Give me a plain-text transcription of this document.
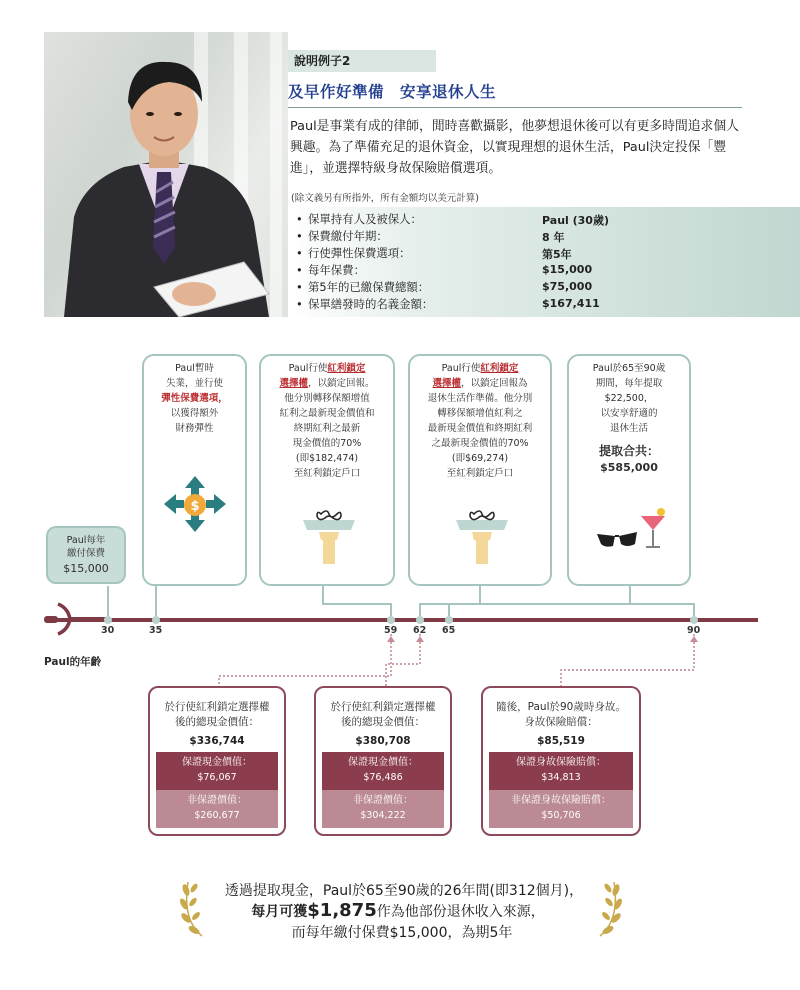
說明例子2
及早作好準備　安享退休人生
Paul是事業有成的律師，閒時喜歡攝影，他夢想退休後可以有更多時間追求個人興趣。為了準備充足的退休資金，以實現理想的退休生活，Paul決定投保「豐進」，並選擇特級身故保險賠償選項。
(除文義另有所指外，所有金額均以美元計算)
• 保單持有人及被保人：	Paul (30歲)
• 保費繳付年期：	8 年
• 行使彈性保費選項：	第5年
• 每年保費：	$15,000
• 第5年的已繳保費總額：	$75,000
• 保單繕發時的名義金額：	$167,411
Paul每年
繳付保費
$15,000
Paul暫時
失業，並行使
彈性保費選項，
以獲得額外
財務彈性
$
Paul行使紅利鎖定
選擇權，以鎖定回報。
他分別轉移保額增值
紅利之最新現金價值和
終期紅利之最新
現金價值的70%
(即$182,474)
至紅利鎖定戶口
Paul行使紅利鎖定
選擇權，以鎖定回報為
退休生活作準備。他分別
轉移保額增值紅利之
最新現金價值和終期紅利
之最新現金價值的70%
(即$69,274)
至紅利鎖定戶口
Paul於65至90歲
期間，每年提取
$22,500，
以安享舒適的
退休生活
提取合共：
$585,000
30	35	59 62 65	90
Paul的年齡
於行使紅利鎖定選擇權
後的總現金價值：
$336,744
保證現金價值：
$76,067
非保證價值：
$260,677
於行使紅利鎖定選擇權
後的總現金價值：
$380,708
保證現金價值：
$76,486
非保證價值：
$304,222
隨後，Paul於90歲時身故。
身故保險賠償：
$85,519
保證身故保險賠償：
$34,813
非保證身故保險賠償：
$50,706
透過提取現金，Paul於65至90歲的26年間(即312個月)，
每月可獲$1,875作為他部份退休收入來源，
而每年繳付保費$15,000，為期5年
